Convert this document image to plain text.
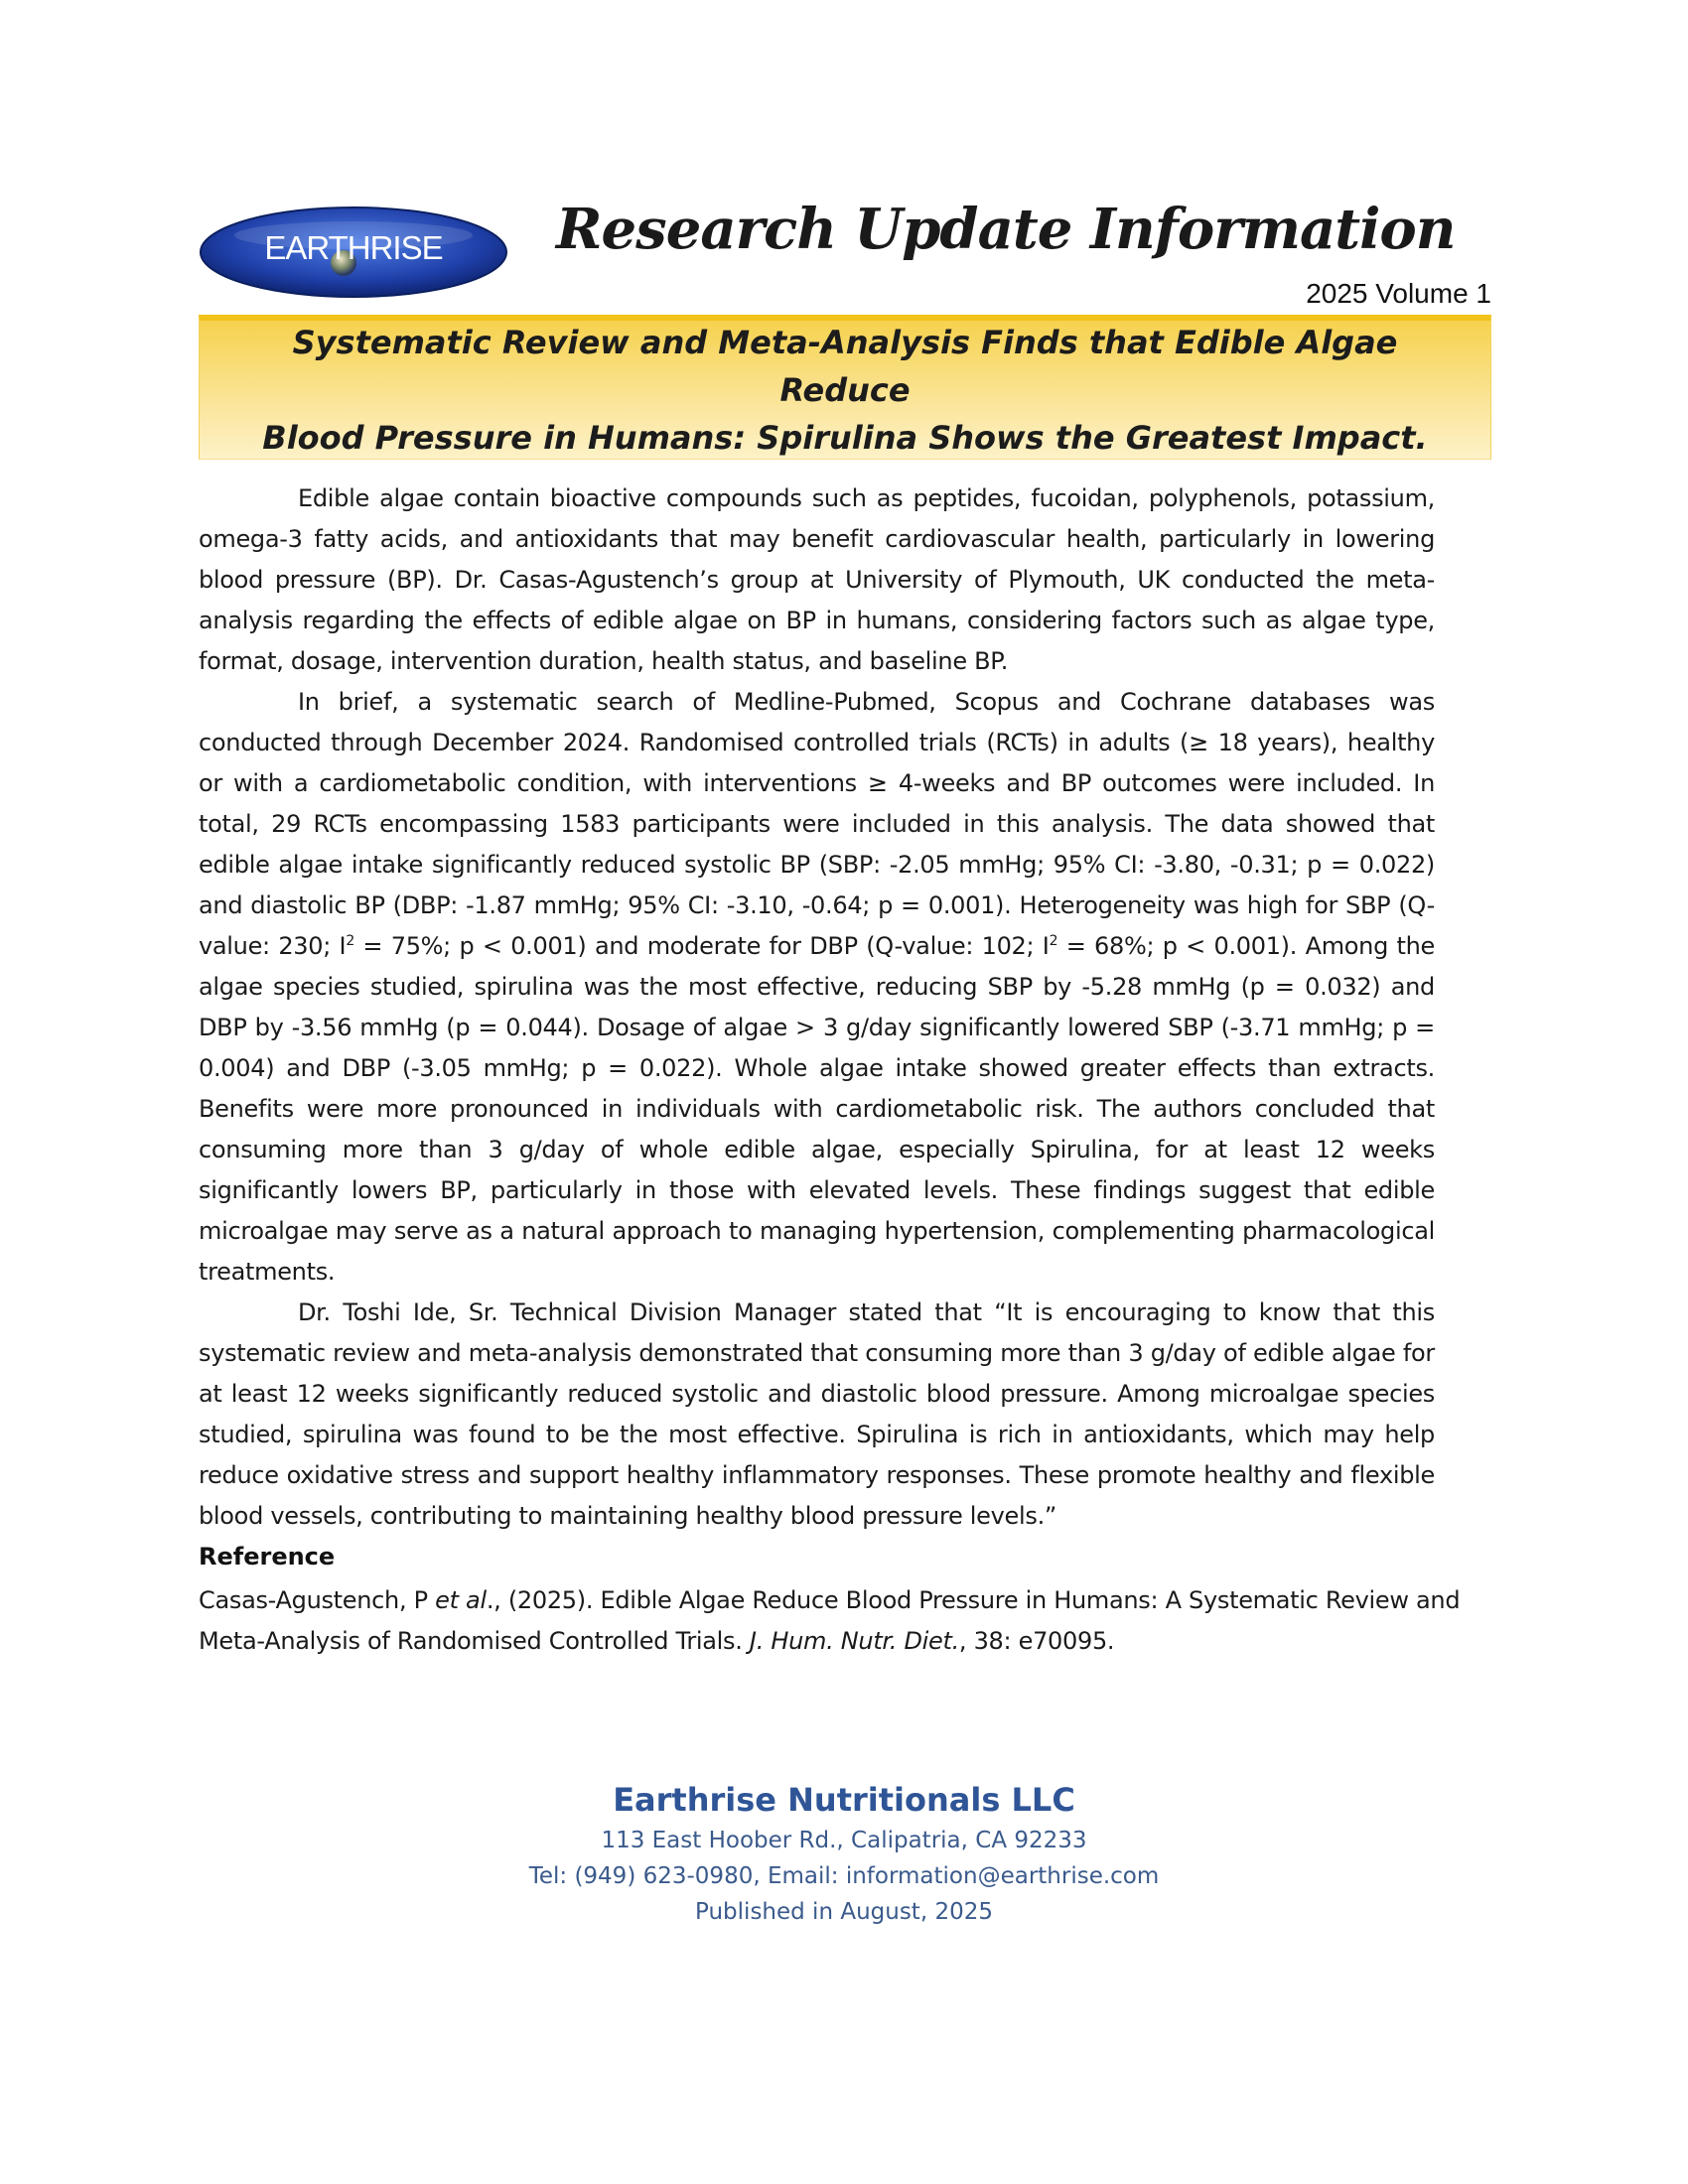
EARTHRISE Research Update Information
2025 Volume 1

Systematic Review and Meta-Analysis Finds that Edible Algae Reduce
Blood Pressure in Humans: Spirulina Shows the Greatest Impact.

Edible algae contain bioactive compounds such as peptides, fucoidan, polyphenols, potassium, omega-3 fatty acids, and antioxidants that may benefit cardiovascular health, particularly in lowering blood pressure (BP). Dr. Casas-Agustench’s group at University of Plymouth, UK conducted the meta-analysis regarding the effects of edible algae on BP in humans, considering factors such as algae type, format, dosage, intervention duration, health status, and baseline BP.

In brief, a systematic search of Medline-Pubmed, Scopus and Cochrane databases was conducted through December 2024. Randomised controlled trials (RCTs) in adults (≥ 18 years), healthy or with a cardiometabolic condition, with interventions ≥ 4-weeks and BP outcomes were included. In total, 29 RCTs encompassing 1583 participants were included in this analysis. The data showed that edible algae intake significantly reduced systolic BP (SBP: -2.05 mmHg; 95% CI: -3.80, -0.31; p = 0.022) and diastolic BP (DBP: -1.87 mmHg; 95% CI: -3.10, -0.64; p = 0.001). Heterogeneity was high for SBP (Q-value: 230; $I^2 = 75\%$; p < 0.001) and moderate for DBP (Q-value: 102; $I^2 = 68\%$; p < 0.001). Among the algae species studied, spirulina was the most effective, reducing SBP by -5.28 mmHg (p = 0.032) and DBP by -3.56 mmHg (p = 0.044). Dosage of algae > 3 g/day significantly lowered SBP (-3.71 mmHg; p = 0.004) and DBP (-3.05 mmHg; p = 0.022). Whole algae intake showed greater effects than extracts. Benefits were more pronounced in individuals with cardiometabolic risk. The authors concluded that consuming more than 3 g/day of whole edible algae, especially Spirulina, for at least 12 weeks significantly lowers BP, particularly in those with elevated levels. These findings suggest that edible microalgae may serve as a natural approach to managing hypertension, complementing pharmacological treatments.

Dr. Toshi Ide, Sr. Technical Division Manager stated that “It is encouraging to know that this systematic review and meta-analysis demonstrated that consuming more than 3 g/day of edible algae for at least 12 weeks significantly reduced systolic and diastolic blood pressure. Among microalgae species studied, spirulina was found to be the most effective. Spirulina is rich in antioxidants, which may help reduce oxidative stress and support healthy inflammatory responses. These promote healthy and flexible blood vessels, contributing to maintaining healthy blood pressure levels.”

Reference
Casas-Agustench, P et al., (2025). Edible Algae Reduce Blood Pressure in Humans: A Systematic Review and Meta-Analysis of Randomised Controlled Trials. J. Hum. Nutr. Diet., 38: e70095.
Earthrise Nutritionals LLC
113 East Hoober Rd., Calipatria, CA 92233
Tel: (949) 623-0980, Email: information@earthrise.com
Published in August, 2025
